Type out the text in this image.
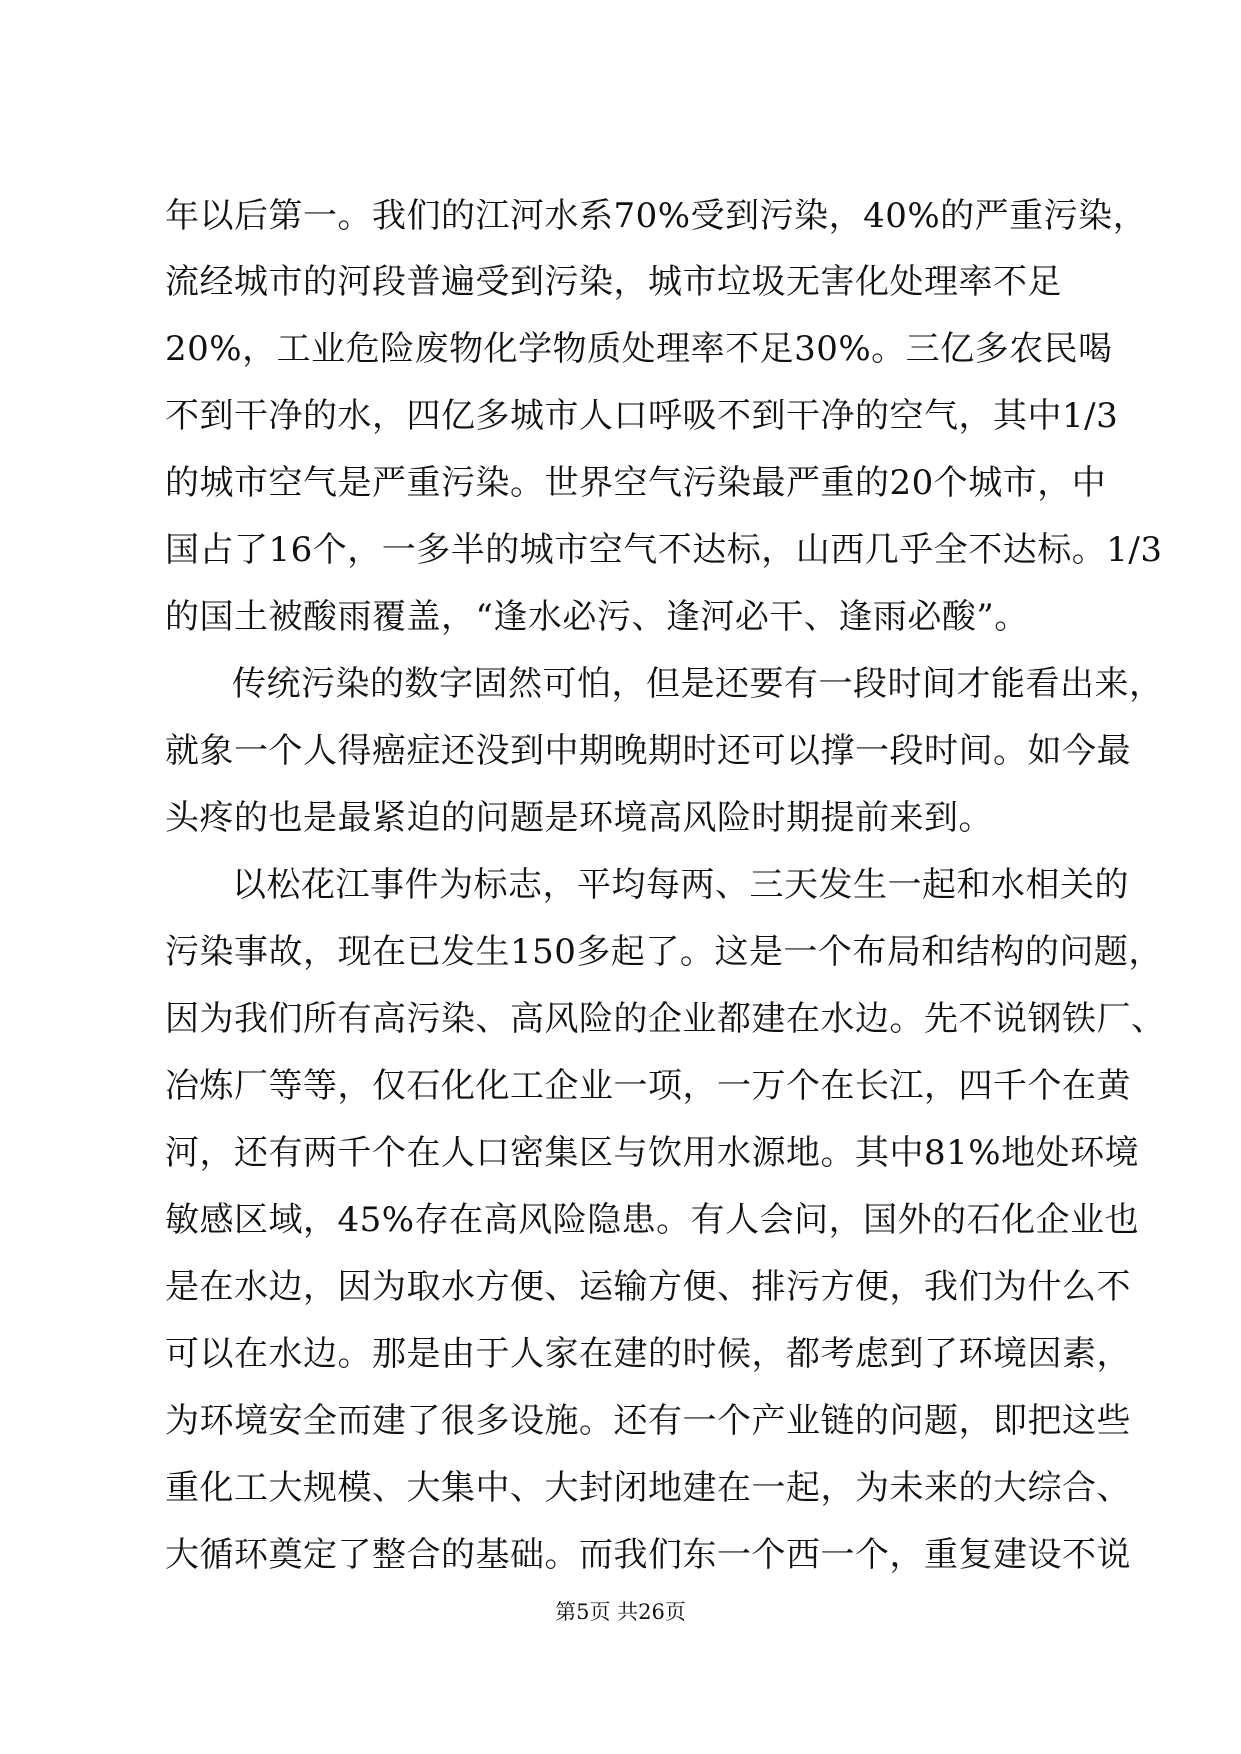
年以后第一。我们的江河水系70%受到污染，40%的严重污染，
流经城市的河段普遍受到污染，城市垃圾无害化处理率不足
20%，工业危险废物化学物质处理率不足30%。三亿多农民喝
不到干净的水，四亿多城市人口呼吸不到干净的空气，其中1/3
的城市空气是严重污染。世界空气污染最严重的20个城市，中
国占了16个，一多半的城市空气不达标，山西几乎全不达标。1/3
的国土被酸雨覆盖，“逢水必污、逢河必干、逢雨必酸”。
传统污染的数字固然可怕，但是还要有一段时间才能看出来，
就象一个人得癌症还没到中期晚期时还可以撑一段时间。如今最
头疼的也是最紧迫的问题是环境高风险时期提前来到。
以松花江事件为标志，平均每两、三天发生一起和水相关的
污染事故，现在已发生150多起了。这是一个布局和结构的问题，
因为我们所有高污染、高风险的企业都建在水边。先不说钢铁厂、
冶炼厂等等，仅石化化工企业一项，一万个在长江，四千个在黄
河，还有两千个在人口密集区与饮用水源地。其中81%地处环境
敏感区域，45%存在高风险隐患。有人会问，国外的石化企业也
是在水边，因为取水方便、运输方便、排污方便，我们为什么不
可以在水边。那是由于人家在建的时候，都考虑到了环境因素，
为环境安全而建了很多设施。还有一个产业链的问题，即把这些
重化工大规模、大集中、大封闭地建在一起，为未来的大综合、
大循环奠定了整合的基础。而我们东一个西一个，重复建设不说
第5页 共26页
